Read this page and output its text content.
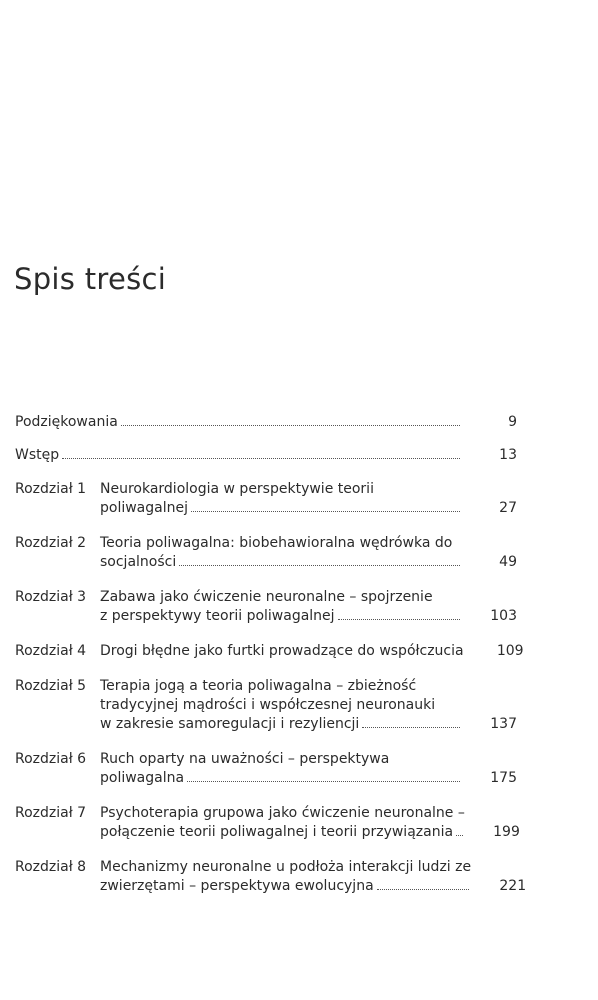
Spis treści
Podziękowania	9
Wstęp	13
Rozdział 1 Neurokardiologia w perspektywie teorii
poliwagalnej	27
Rozdział 2 Teoria poliwagalna: biobehawioralna wędrówka do
socjalności	49
Rozdział 3 Zabawa jako ćwiczenie neuronalne – spojrzenie
z perspektywy teorii poliwagalnej	103
Rozdział 4 Drogi błędne jako furtki prowadzące do współczucia	109
Rozdział 5 Terapia jogą a teoria poliwagalna – zbieżność
tradycyjnej mądrości i współczesnej neuronauki
w zakresie samoregulacji i rezyliencji	137
Rozdział 6 Ruch oparty na uważności – perspektywa
poliwagalna	175
Rozdział 7 Psychoterapia grupowa jako ćwiczenie neuronalne –
połączenie teorii poliwagalnej i teorii przywiązania	199
Rozdział 8 Mechanizmy neuronalne u podłoża interakcji ludzi ze
zwierzętami – perspektywa ewolucyjna	221
